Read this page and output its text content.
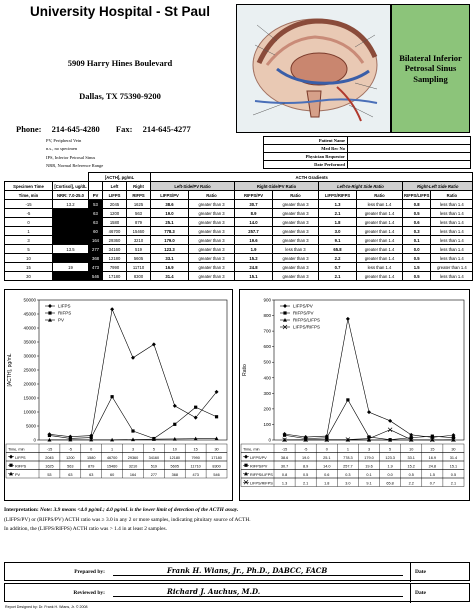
University Hospital - St Paul
5909 Harry Hines Boulevard
Dallas, TX 75390-9200
Phone: 214-645-4280 Fax: 214-645-4277
Bilateral Inferior Petrosal Sinus Sampling
PV, Peripheral Vein
n.s., no specimen
IPS, Inferior Petrosal Sinus
NRR, Normal Reference Range
Patient Name	
Med Rec No	
Physician Requestor	
Date Performed	
		[ACTH], pg/mL			ACTH Gradients							
Specimen Time	[Cortisol], ug/dL		Left	Right	Left-Side/PV Ratio		Right-Side/PV Ratio		Left-to-Right Side Ratio		Right-Left Side Ratio	
Time, min	NRR: 7.0-25.0	PV	LIFPS	RIFPS	LIFPS/PV	Ratio	RIFPS/PV	Ratio	LIFPS/RIFPS	Ratio	RIFPS/LIFPS	Ratio
-15	13.2	53	2045	1625	38.6	greater than 3	30.7	greater than 3	1.3	less than 1.4	0.8	less than 1.4
-5		63	1200	563	19.0	greater than 3	8.9	greater than 3	2.1	greater than 1.4	0.5	less than 1.4
0		63	1580	879	25.1	greater than 3	14.0	greater than 3	1.8	greater than 1.4	0.6	less than 1.4
1		60	46700	15460	778.3	greater than 3	257.7	greater than 3	3.0	greater than 1.4	0.3	less than 1.4
3		164	29360	3210	179.0	greater than 3	19.6	greater than 3	9.1	greater than 1.4	0.1	less than 1.4
5	13.5	277	34160	519	123.3	greater than 3	1.9	less than 3	65.8	greater than 1.4	0.0	less than 1.4
10		368	12180	5605	33.1	greater than 3	15.2	greater than 3	2.2	greater than 1.4	0.5	less than 1.4
15	19	473	7990	11710	16.9	greater than 3	24.8	greater than 3	0.7	less than 1.4	1.5	greater than 1.4
30		546	17180	8300	31.4	greater than 3	15.1	greater than 3	2.1	greater than 1.4	0.5	less than 1.4
0
5000
10000
15000
20000
25000
30000
35000
40000
45000
50000
[ACTH], pg/mL
LIFPS
RIFPS
PV
Time, min	-15	-5	0	1	3	5	10	15	30
LIFPS	2045	1200	1580	46700	29360	34160	12180	7990	17180
RIFPS	1625	563	879	15460	3210	519	5605	11710	8300
PV	53	63	63	60	164	277	368	473	546
0
100
200
300
400
500
600
700
800
900
Ratio
LIFPS/PV
RIFPS/PV
RIFPS/LIFPS
LIFPS/RIFPS
Time, min	-15	-5	0	1	3	5	10	15	30
LIFPS/PV	38.6	19.0	25.1	778.3	179.0	123.3	33.1	16.9	31.4
RIFPS/PV	30.7	8.9	14.0	257.7	19.6	1.9	15.2	24.8	15.1
RIFPS/LIFPS 0.8	0.5	0.6	0.3	0.1	0.0	0.5	1.5	0.5
LIFPS/RIFPS 1.3	2.1	1.8	3.0	9.1	65.8	2.2	0.7	2.1
Interpretation: Note: 3.9 means <4.0 pg/mL; 4.0 pg/mL is the lower limit of detection of the ACTH assay.
(LIFPS/PV) or (RIFPS/PV) ACTH ratio was ≥ 3.0 in any 2 or more samples, indicating pituitary source of ACTH.
In addition, the (LIFPS/RIFPS) ACTH ratio was > 1.4 in at least 2 samples.
Prepared by:	Frank H. Wians, Jr., Ph.D., DABCC, FACB	Date
Reviewed by:	Richard J. Auchus, M.D.	Date
Report Designed by: Dr. Frank H. Wians, Jr. © 2008
